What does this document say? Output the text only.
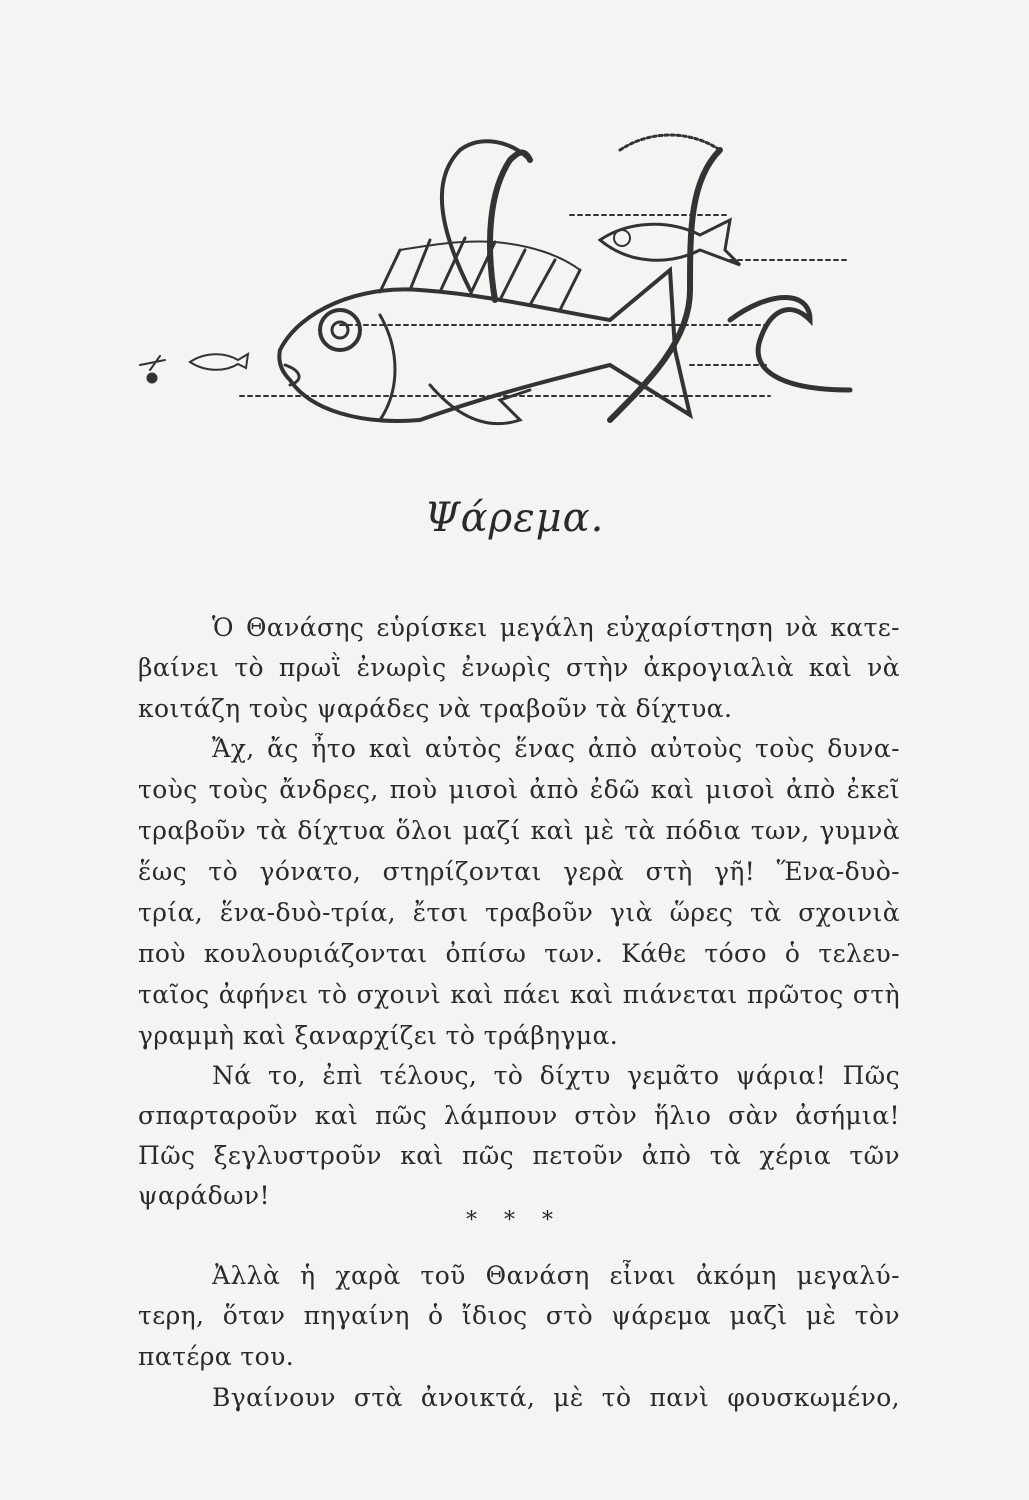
Ψάρεμα.
Ὁ Θανάσης εὑρίσκει μεγάλη εὐχαρίστηση νὰ κατε-
βαίνει τὸ πρωῒ ἐνωρὶς ἐνωρὶς στὴν ἀκρογιαλιὰ καὶ νὰ
κοιτάζη τοὺς ψαράδες νὰ τραβοῦν τὰ δίχτυα.
Ἄχ, ἄς ἦτο καὶ αὐτὸς ἕνας ἀπὸ αὐτοὺς τοὺς δυνα-
τοὺς τοὺς ἄνδρες, ποὺ μισοὶ ἀπὸ ἐδῶ καὶ μισοὶ ἀπὸ ἐκεῖ
τραβοῦν τὰ δίχτυα ὅλοι μαζί καὶ μὲ τὰ πόδια των, γυμνὰ
ἕως τὸ γόνατο, στηρίζονται γερὰ στὴ γῆ! Ἕνα-δυὸ-
τρία, ἕνα-δυὸ-τρία, ἔτσι τραβοῦν γιὰ ὥρες τὰ σχοινιὰ
ποὺ κουλουριάζονται ὀπίσω των. Κάθε τόσο ὁ τελευ-
ταῖος ἀφήνει τὸ σχοινὶ καὶ πάει καὶ πιάνεται πρῶτος στὴ
γραμμὴ καὶ ξαναρχίζει τὸ τράβηγμα.
Νά το, ἐπὶ τέλους, τὸ δίχτυ γεμᾶτο ψάρια! Πῶς
σπαρταροῦν καὶ πῶς λάμπουν στὸν ἥλιο σὰν ἀσήμια!
Πῶς ξεγλυστροῦν καὶ πῶς πετοῦν ἀπὸ τὰ χέρια τῶν
ψαράδων!
* * *
Ἀλλὰ ἡ χαρὰ τοῦ Θανάση εἶναι ἀκόμη μεγαλύ-
τερη, ὅταν πηγαίνη ὁ ἴδιος στὸ ψάρεμα μαζὶ μὲ τὸν
πατέρα του.
Βγαίνουν στὰ ἀνοικτά, μὲ τὸ πανὶ φουσκωμένο,
